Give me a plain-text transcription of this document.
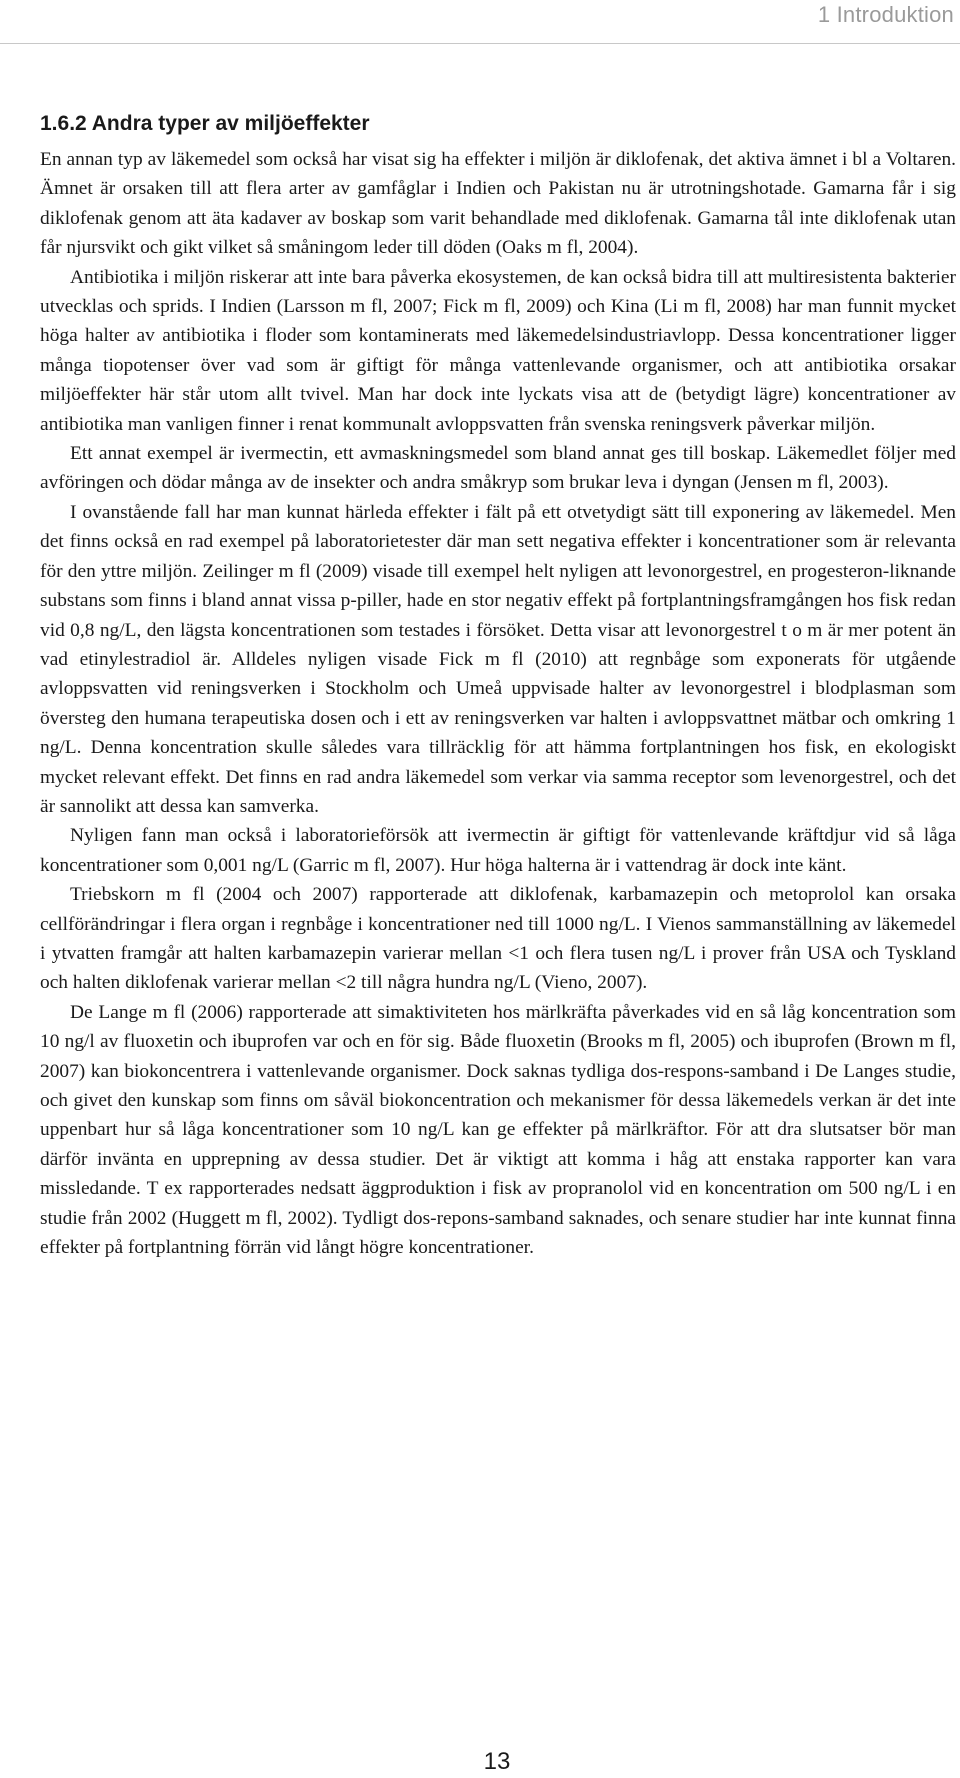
1 Introduktion
1.6.2 Andra typer av miljöeffekter

En annan typ av läkemedel som också har visat sig ha effekter i miljön är diklofenak, det aktiva ämnet i bl a Voltaren. Ämnet är orsaken till att flera arter av gamfåglar i Indien och Pakistan nu är utrotningshotade. Gamarna får i sig diklofenak genom att äta kadaver av boskap som varit behandlade med diklofenak. Gamarna tål inte diklofenak utan får njursvikt och gikt vilket så småningom leder till döden (Oaks m fl, 2004).

Antibiotika i miljön riskerar att inte bara påverka ekosystemen, de kan också bidra till att multiresistenta bakterier utvecklas och sprids. I Indien (Larsson m fl, 2007; Fick m fl, 2009) och Kina (Li m fl, 2008) har man funnit mycket höga halter av antibiotika i floder som kontaminerats med läkemedelsindustriavlopp. Dessa koncentrationer ligger många tiopotenser över vad som är giftigt för många vattenlevande organismer, och att antibiotika orsakar miljöeffekter här står utom allt tvivel. Man har dock inte lyckats visa att de (betydigt lägre) koncentrationer av antibiotika man vanligen finner i renat kommunalt avloppsvatten från svenska reningsverk påverkar miljön.

Ett annat exempel är ivermectin, ett avmaskningsmedel som bland annat ges till boskap. Läkemedlet följer med avföringen och dödar många av de insekter och andra småkryp som brukar leva i dyngan (Jensen m fl, 2003).

I ovanstående fall har man kunnat härleda effekter i fält på ett otvetydigt sätt till exponering av läkemedel. Men det finns också en rad exempel på laboratorietester där man sett negativa effekter i koncentrationer som är relevanta för den yttre miljön. Zeilinger m fl (2009) visade till exempel helt nyligen att levonorgestrel, en progesteron-liknande substans som finns i bland annat vissa p-piller, hade en stor negativ effekt på fortplantningsframgången hos fisk redan vid 0,8 ng/L, den lägsta koncentrationen som testades i försöket. Detta visar att levonorgestrel t o m är mer potent än vad etinylestradiol är. Alldeles nyligen visade Fick m fl (2010) att regnbåge som exponerats för utgående avloppsvatten vid reningsverken i Stockholm och Umeå uppvisade halter av levonorgestrel i blodplasman som översteg den humana terapeutiska dosen och i ett av reningsverken var halten i avloppsvattnet mätbar och omkring 1 ng/L. Denna koncentration skulle således vara tillräcklig för att hämma fortplantningen hos fisk, en ekologiskt mycket relevant effekt. Det finns en rad andra läkemedel som verkar via samma receptor som levenorgestrel, och det är sannolikt att dessa kan samverka.

Nyligen fann man också i laboratorieförsök att ivermectin är giftigt för vattenlevande kräftdjur vid så låga koncentrationer som 0,001 ng/L (Garric m fl, 2007). Hur höga halterna är i vattendrag är dock inte känt.

Triebskorn m fl (2004 och 2007) rapporterade att diklofenak, karbamazepin och metoprolol kan orsaka cellförändringar i flera organ i regnbåge i koncentrationer ned till 1000 ng/L. I Vienos sammanställning av läkemedel i ytvatten framgår att halten karbamazepin varierar mellan <1 och flera tusen ng/L i prover från USA och Tyskland och halten diklofenak varierar mellan <2 till några hundra ng/L (Vieno, 2007).

De Lange m fl (2006) rapporterade att simaktiviteten hos märlkräfta påverkades vid en så låg koncentration som 10 ng/l av fluoxetin och ibuprofen var och en för sig. Både fluoxetin (Brooks m fl, 2005) och ibuprofen (Brown m fl, 2007) kan biokoncentrera i vattenlevande organismer. Dock saknas tydliga dos-respons-samband i De Langes studie, och givet den kunskap som finns om såväl biokoncentration och mekanismer för dessa läkemedels verkan är det inte uppenbart hur så låga koncentrationer som 10 ng/L kan ge effekter på märlkräftor. För att dra slutsatser bör man därför invänta en upprepning av dessa studier. Det är viktigt att komma i håg att enstaka rapporter kan vara missledande. T ex rapporterades nedsatt äggproduktion i fisk av propranolol vid en koncentration om 500 ng/L i en studie från 2002 (Huggett m fl, 2002). Tydligt dos-repons-samband saknades, och senare studier har inte kunnat finna effekter på fortplantning förrän vid långt högre koncentrationer.

13
